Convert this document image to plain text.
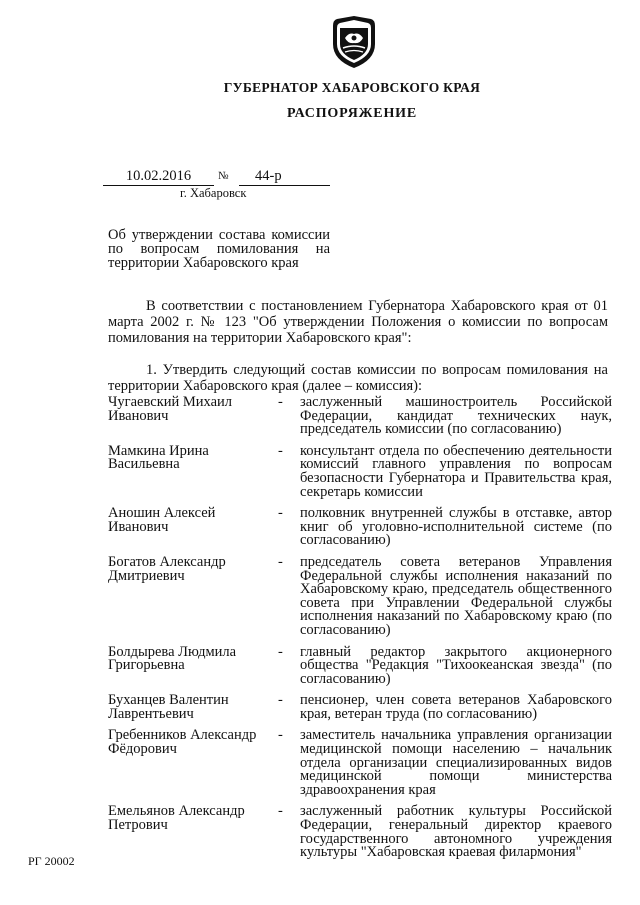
ГУБЕРНАТОР ХАБАРОВСКОГО КРАЯ
РАСПОРЯЖЕНИЕ
10.02.2016	№	44-р
г. Хабаровск
Об утверждении состава комиссии по вопросам помилования на территории Хабаровского края
В соответствии с постановлением Губернатора Хабаровского края от 01 марта 2002 г. № 123 "Об утверждении Положения о комиссии по вопросам помилования на территории Хабаровского края":
1. Утвердить следующий состав комиссии по вопросам помилования на территории Хабаровского края (далее – комиссия):
Чугаевский Михаил Иванович
-	заслуженный машиностроитель Российской Федерации, кандидат технических наук, председатель комиссии (по согласованию)
Мамкина Ирина Васильевна
-	консультант отдела по обеспечению деятельности комиссий главного управления по вопросам безопасности Губернатора и Правительства края, секретарь комиссии
Аношин Алексей Иванович
-	полковник внутренней службы в отставке, автор книг об уголовно-исполнительной системе (по согласованию)
Богатов Александр Дмитриевич
-	председатель совета ветеранов Управления Федеральной службы исполнения наказаний по Хабаровскому краю, председатель общественного совета при Управлении Федеральной службы исполнения наказаний по Хабаровскому краю (по согласованию)
Болдырева Людмила Григорьевна
-	главный редактор закрытого акционерного общества "Редакция "Тихоокеанская звезда" (по согласованию)
Буханцев Валентин Лаврентьевич
-	пенсионер, член совета ветеранов Хабаровского края, ветеран труда (по согласованию)
Гребенников Александр Фёдорович
-	заместитель начальника управления организации медицинской помощи населению – начальник отдела организации специализированных видов медицинской помощи министерства здравоохранения края
Емельянов Александр Петрович
-	заслуженный работник культуры Российской Федерации, генеральный директор краевого государственного автономного учреждения культуры "Хабаровская краевая филармония"
РГ 20002
